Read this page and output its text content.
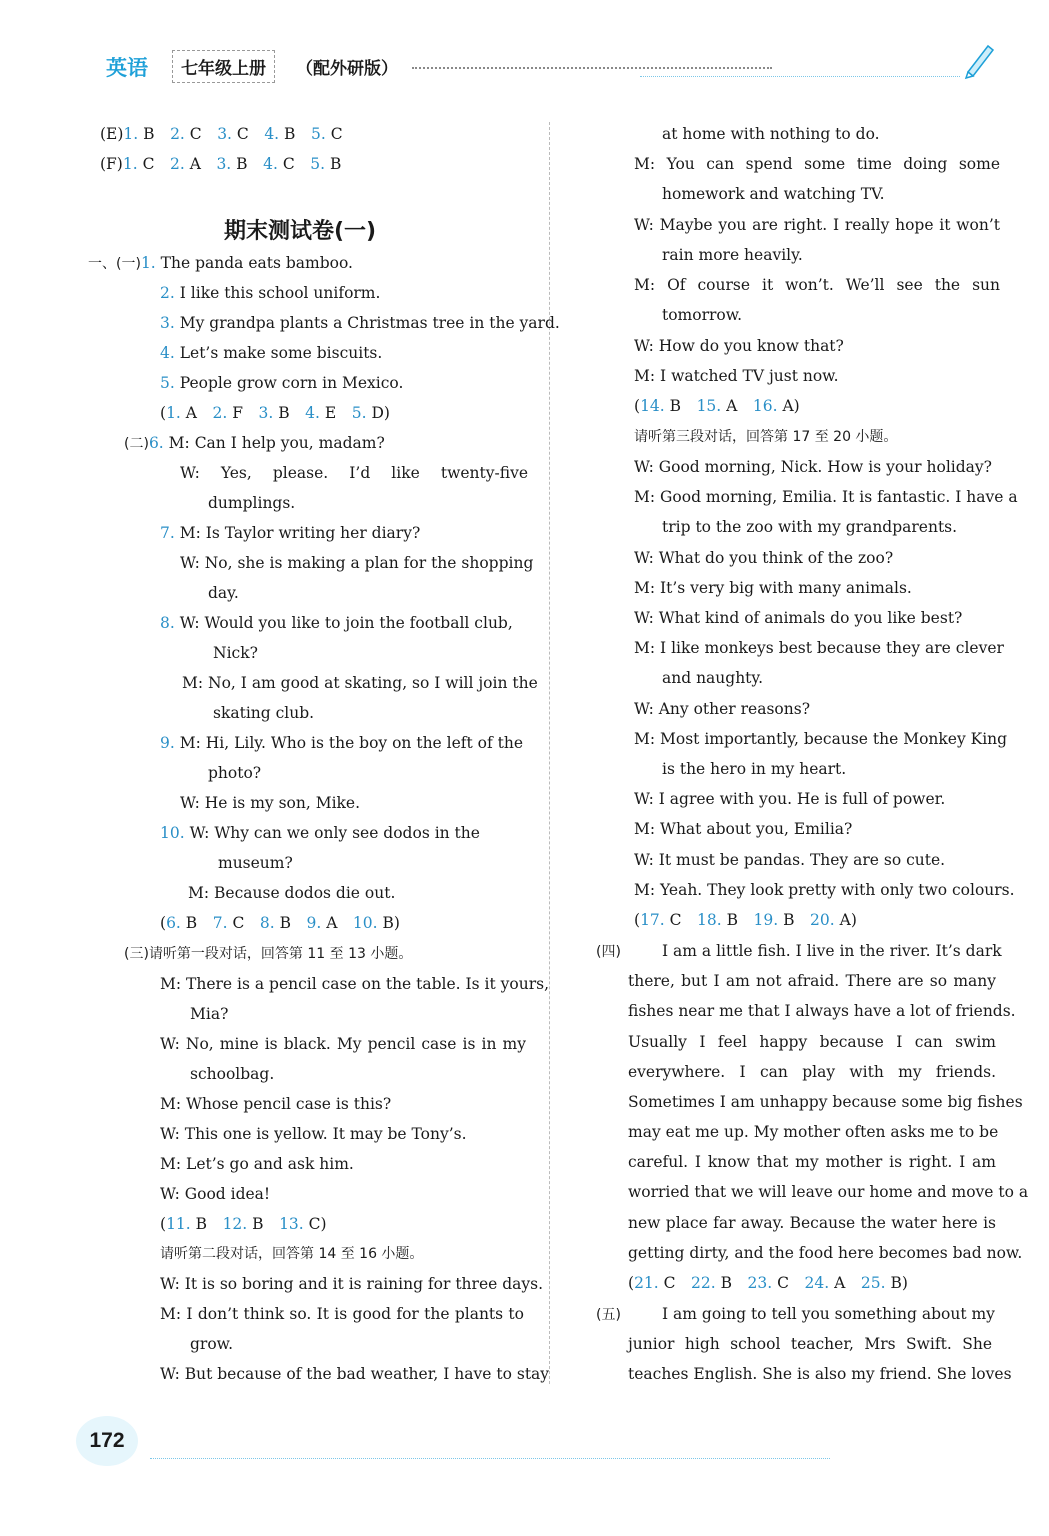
英语	七年级上册	（配外研版）
(E)1. B　 2. C　 3. C　 4. B　 5. C
(F)1. C　 2. A　 3. B　 4. C　 5. B
期末测试卷(一)
一、(一)1. The panda eats bamboo.
2. I like this school uniform.
3. My grandpa plants a Christmas tree in the yard.
4. Let’s make some biscuits.
5. People grow corn in Mexico.
(1. A　 2. F　 3. B　 4. E　 5. D)
(二)6. M: Can I help you, madam?
W: Yes, please. I’d like twenty-five
dumplings.
7. M: Is Taylor writing her diary?
W: No, she is making a plan for the shopping
day.
8. W: Would you like to join the football club,
Nick?
M: No, I am good at skating, so I will join the
skating club.
9. M: Hi, Lily. Who is the boy on the left of the
photo?
W: He is my son, Mike.
10. W: Why can we only see dodos in the
museum?
M: Because dodos die out.
(6. B　 7. C　 8. B　 9. A　 10. B)
(三)请听第一段对话，回答第 11 至 13 小题。
M: There is a pencil case on the table. Is it yours,
Mia?
W: No, mine is black. My pencil case is in my
schoolbag.
M: Whose pencil case is this?
W: This one is yellow. It may be Tony’s.
M: Let’s go and ask him.
W: Good idea!
(11. B　 12. B　 13. C)
请听第二段对话，回答第 14 至 16 小题。
W: It is so boring and it is raining for three days.
M: I don’t think so. It is good for the plants to
grow.
W: But because of the bad weather, I have to stay
at home with nothing to do.
M: You can spend some time doing some
homework and watching TV.
W: Maybe you are right. I really hope it won’t
rain more heavily.
M: Of course it won’t. We’ll see the sun
tomorrow.
W: How do you know that?
M: I watched TV just now.
(14. B　 15. A　 16. A)
请听第三段对话，回答第 17 至 20 小题。
W: Good morning, Nick. How is your holiday?
M: Good morning, Emilia. It is fantastic. I have a
trip to the zoo with my grandparents.
W: What do you think of the zoo?
M: It’s very big with many animals.
W: What kind of animals do you like best?
M: I like monkeys best because they are clever
and naughty.
W: Any other reasons?
M: Most importantly, because the Monkey King
is the hero in my heart.
W: I agree with you. He is full of power.
M: What about you, Emilia?
W: It must be pandas. They are so cute.
M: Yeah. They look pretty with only two colours.
(17. C　 18. B　 19. B　 20. A)
(四)	I am a little fish. I live in the river. It’s dark
there, but I am not afraid. There are so many
fishes near me that I always have a lot of friends.
Usually I feel happy because I can swim
everywhere. I can play with my friends.
Sometimes I am unhappy because some big fishes
may eat me up. My mother often asks me to be
careful. I know that my mother is right. I am
worried that we will leave our home and move to a
new place far away. Because the water here is
getting dirty, and the food here becomes bad now.
(21. C　 22. B　 23. C　 24. A　 25. B)
(五)	I am going to tell you something about my
junior high school teacher, Mrs Swift. She
teaches English. She is also my friend. She loves
172
